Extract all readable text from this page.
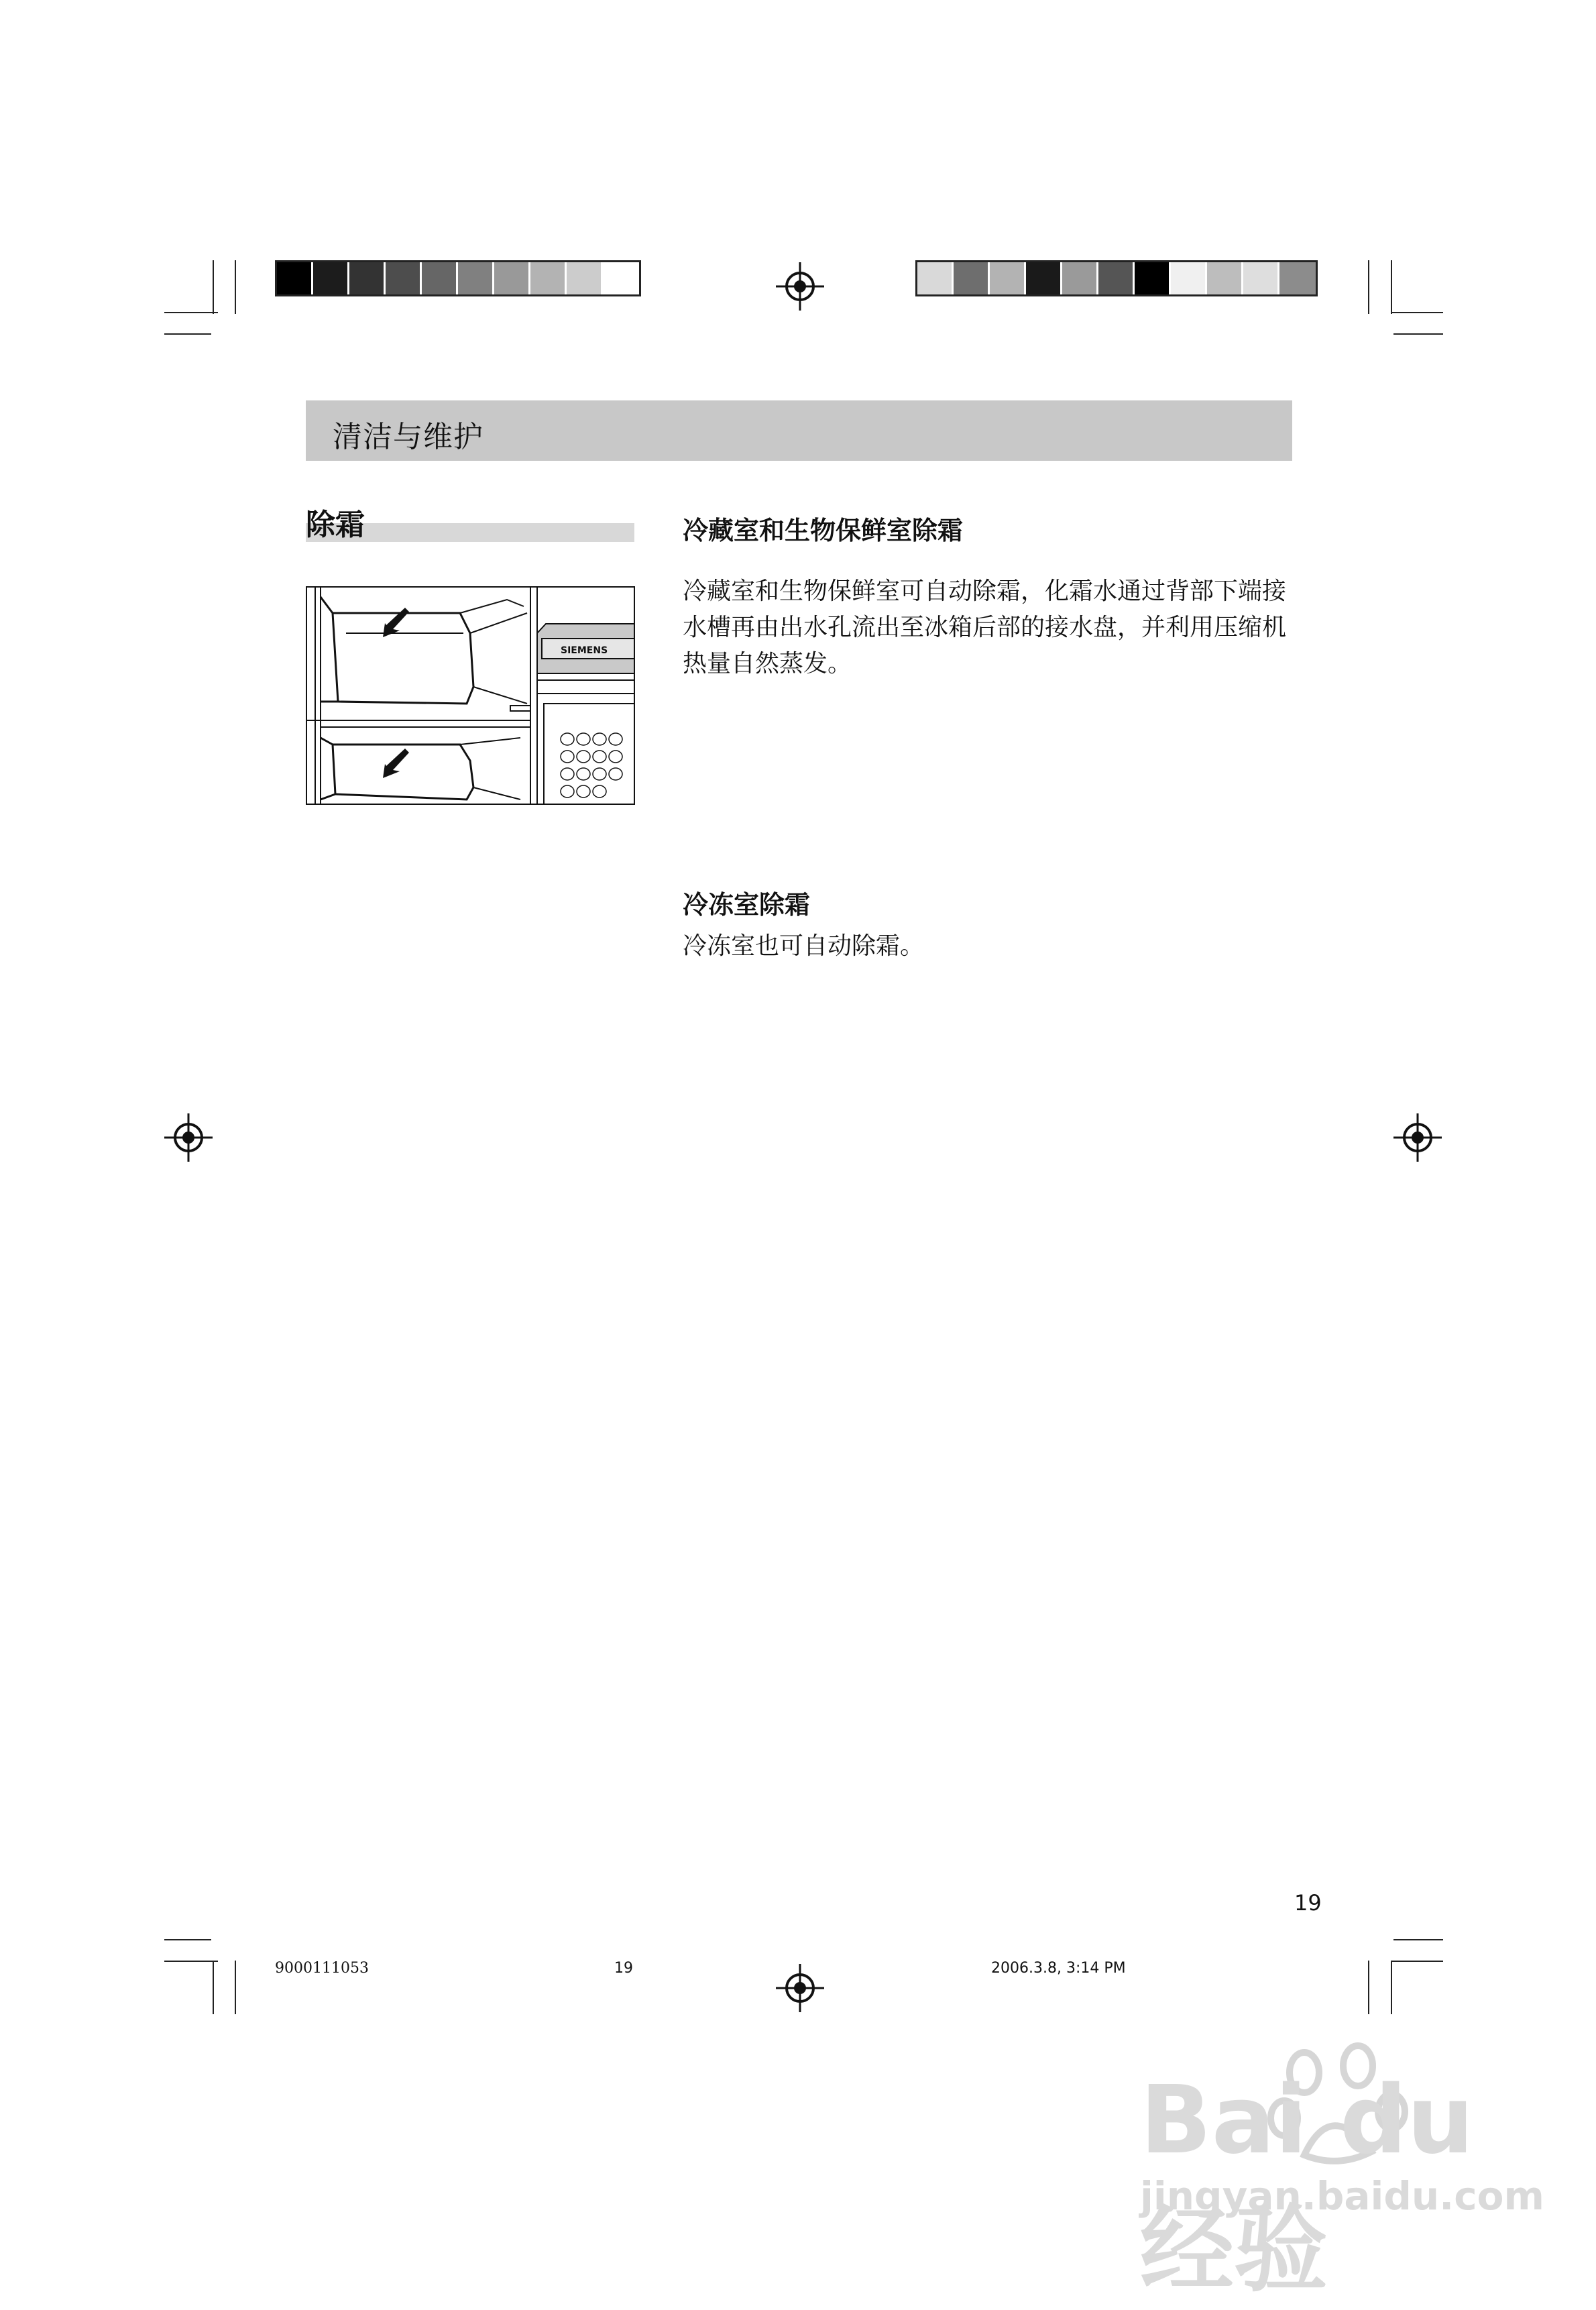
清洁与维护
除霜
SIEMENS
冷藏室和生物保鲜室除霜
冷藏室和生物保鲜室可自动除霜，化霜水通过背部下端接
水槽再由出水孔流出至冰箱后部的接水盘，并利用压缩机
热量自然蒸发。
冷冻室除霜
冷冻室也可自动除霜。
19
9000111053	19	2006.3.8, 3:14 PM
Bai du 经验
jingyan.baidu.com
